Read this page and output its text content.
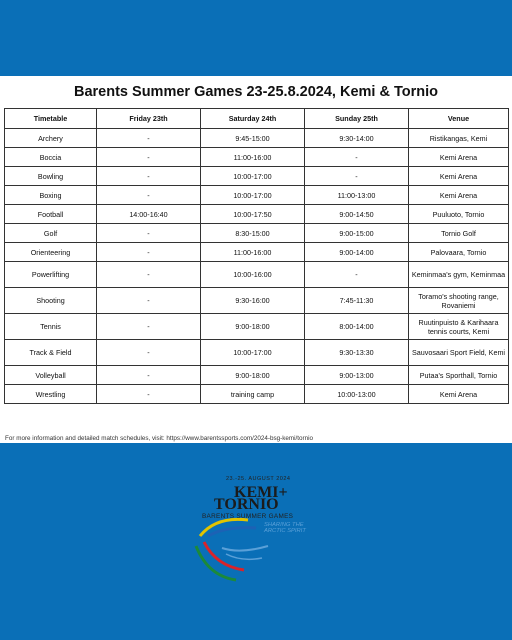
Barents Summer Games 23-25.8.2024, Kemi & Tornio
Timetable	Friday 23th	Saturday 24th	Sunday 25th	Venue
Archery	-	9:45-15:00	9:30-14:00	Ristikangas, Kemi
Boccia	-	11:00-16:00	-	Kemi Arena
Bowling	-	10:00-17:00	-	Kemi Arena
Boxing	-	10:00-17:00	11:00-13:00	Kemi Arena
Football	14:00-16:40	10:00-17:50	9:00-14:50	Puuluoto, Tornio
Golf	-	8:30-15:00	9:00-15:00	Tornio Golf
Orienteering	-	11:00-16:00	9:00-14:00	Palovaara, Tornio
Powerlifting	-	10:00-16:00	-	Keminmaa's gym, Keminmaa
Shooting	-	9:30-16:00	7:45-11:30	Toramo's shooting range, Rovaniemi
Tennis	-	9:00-18:00	8:00-14:00	Ruutinpuisto & Karihaara tennis courts, Kemi
Track & Field	-	10:00-17:00	9:30-13:30	Sauvosaari Sport Field, Kemi
Volleyball	-	9:00-18:00	9:00-13:00	Putaa's Sporthall, Tornio
Wrestling	-	training camp	10:00-13:00	Kemi Arena
For more information and detailed match schedules, visit: https://www.barentssports.com/2024-bsg-kemi/tornio
23.-25. AUGUST 2024
KEMI+
TORNIO
BARENTS SUMMER GAMES
SHARING THE
ARCTIC SPIRIT
